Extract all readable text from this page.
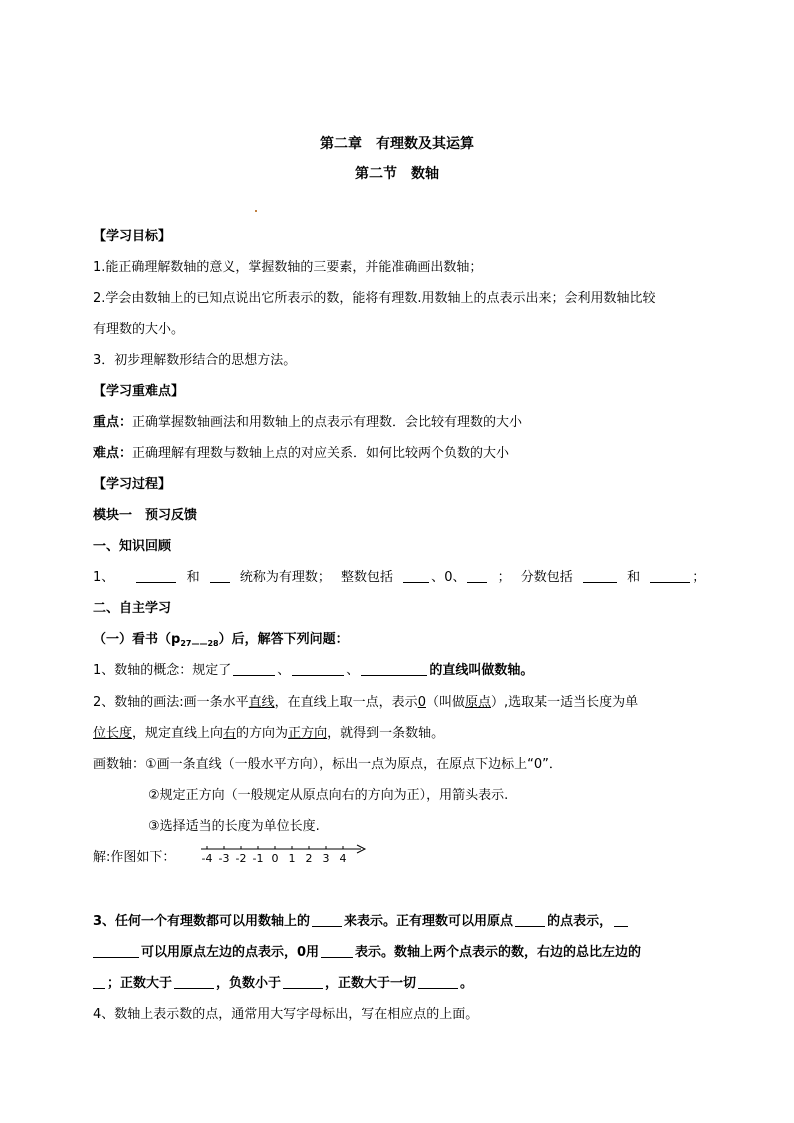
第二章　有理数及其运算
第二节　数轴
【学习目标】
1.能正确理解数轴的意义，掌握数轴的三要素，并能准确画出数轴；
2.学会由数轴上的已知点说出它所表示的数，能将有理数.用数轴上的点表示出来；会利用数轴比较
有理数的大小。
3．初步理解数形结合的思想方法。
【学习重难点】
重点：正确掌握数轴画法和用数轴上的点表示有理数．会比较有理数的大小
难点：正确理解有理数与数轴上点的对应关系．如何比较两个负数的大小
【学习过程】
模块一　预习反馈
一、知识回顾
1、	和	统称为有理数； 整数包括	、0、 ； 分数包括	和	；
二、自主学习
（一）看书$(p_{27——28})$后，解答下列问题：
1、数轴的概念：规定了	、	、	的直线叫做数轴。
2、数轴的画法:画一条水平直线，在直线上取一点，表示0（叫做原点）,选取某一适当长度为单
位长度，规定直线上向右的方向为正方向，就得到一条数轴。
画数轴：①画一条直线（一般水平方向），标出一点为原点，在原点下边标上“0”．
②规定正方向（一般规定从原点向右的方向为正），用箭头表示.
③选择适当的长度为单位长度.
解:作图如下： -4 -3 -2 -1 0 1 2 3 4
3、任何一个有理数都可以用数轴上的	来表示。正有理数可以用原点	的点表示，
可以用原点左边的点表示，0用	表示。数轴上两个点表示的数，右边的总比左边的
；正数大于	，负数小于	，正数大于一切	。
4、数轴上表示数的点，通常用大写字母标出，写在相应点的上面。
